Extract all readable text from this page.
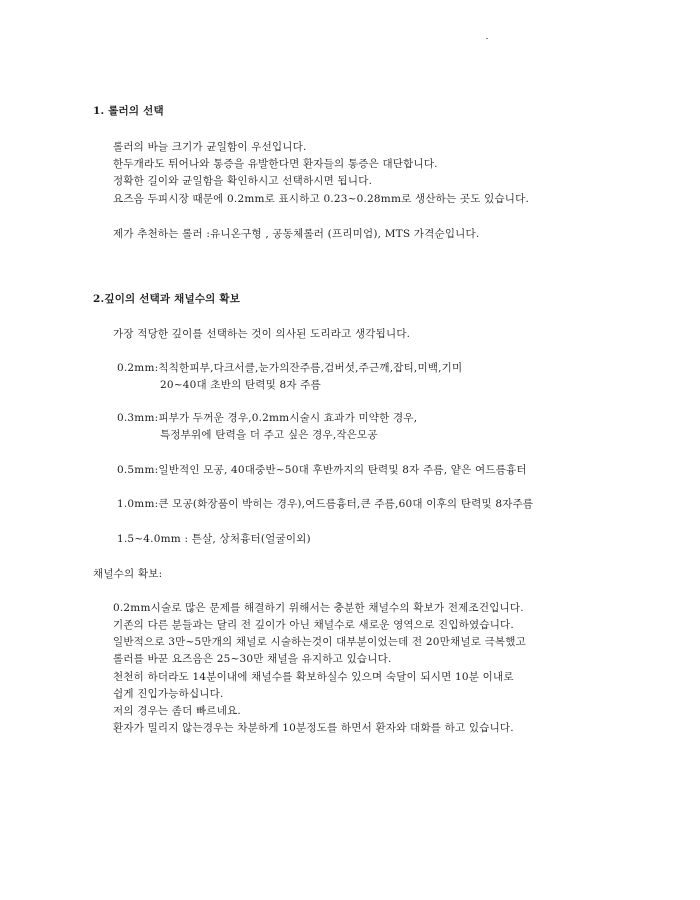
1. 롤러의 선택
롤러의 바늘 크기가 균일함이 우선입니다.
한두개라도 튀어나와 통증을 유발한다면 환자들의 통증은 대단합니다.
정확한 길이와 균일함을 확인하시고 선택하시면 됩니다.
요즈음 두피시장 때문에 0.2mm로 표시하고 0.23~0.28mm로 생산하는 곳도 있습니다.
제가 추천하는 롤러 :유니온구형 , 공동체롤러 (프리미엄), MTS 가격순입니다.
2.깊이의 선택과 채널수의 확보
가장 적당한 깊이를 선택하는 것이 의사된 도리라고 생각됩니다.
0.2mm:칙칙한피부,다크서클,눈가의잔주름,검버섯,주근깨,잡티,미백,기미
20~40대 초반의 탄력및 8자 주름
0.3mm:피부가 두꺼운 경우,0.2mm시술시 효과가 미약한 경우,
특정부위에 탄력을 더 주고 싶은 경우,작은모공
0.5mm:일반적인 모공, 40대중반~50대 후반까지의 탄력및 8자 주름, 얕은 여드름흉터
1.0mm:큰 모공(화장품이 박히는 경우),여드름흉터,큰 주름,60대 이후의 탄력및 8자주름
1.5~4.0mm : 튼살, 상처흉터(얼굴이외)
채널수의 확보:
0.2mm시술로 많은 문제를 해결하기 위해서는 충분한 채널수의 확보가 전제조건입니다.
기존의 다른 분들과는 달리 전 깊이가 아닌 채널수로 새로운 영역으로 진입하였습니다.
일반적으로 3만~5만개의 채널로 시술하는것이 대부분이었는데 전 20만채널로 극복했고
롤러를 바꾼 요즈음은 25~30만 채널을 유지하고 있습니다.
천천히 하더라도 14분이내에 채널수를 확보하실수 있으며 숙달이 되시면 10분 이내로
쉽게 진입가능하십니다.
저의 경우는 좀더 빠르네요.
환자가 밀리지 않는경우는 차분하게 10분정도를 하면서 환자와 대화를 하고 있습니다.
